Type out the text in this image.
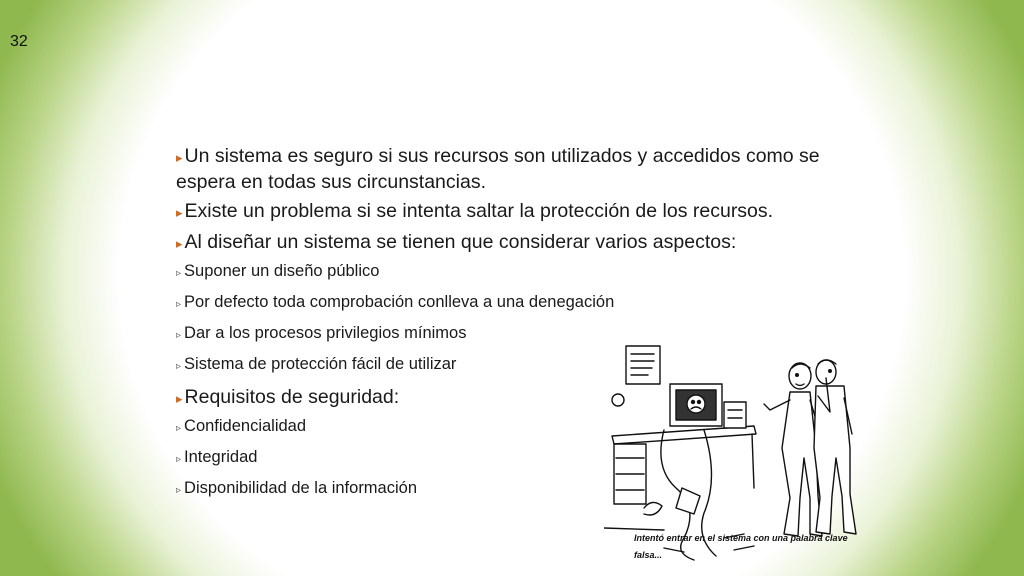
32
▸ Un sistema es seguro si sus recursos son utilizados y accedidos como se espera en todas sus circunstancias.
▸ Existe un problema si se intenta saltar la protección de los recursos.
▸ Al diseñar un sistema se tienen que considerar varios aspectos:
▹ Suponer un diseño público
▹ Por defecto toda comprobación conlleva a una denegación
▹ Dar a los procesos privilegios mínimos
▹ Sistema de protección fácil de utilizar
▸ Requisitos de seguridad:
▹ Confidencialidad
▹ Integridad
▹ Disponibilidad de la información
Intentó entrar en el sistema con una palabra clave falsa...
